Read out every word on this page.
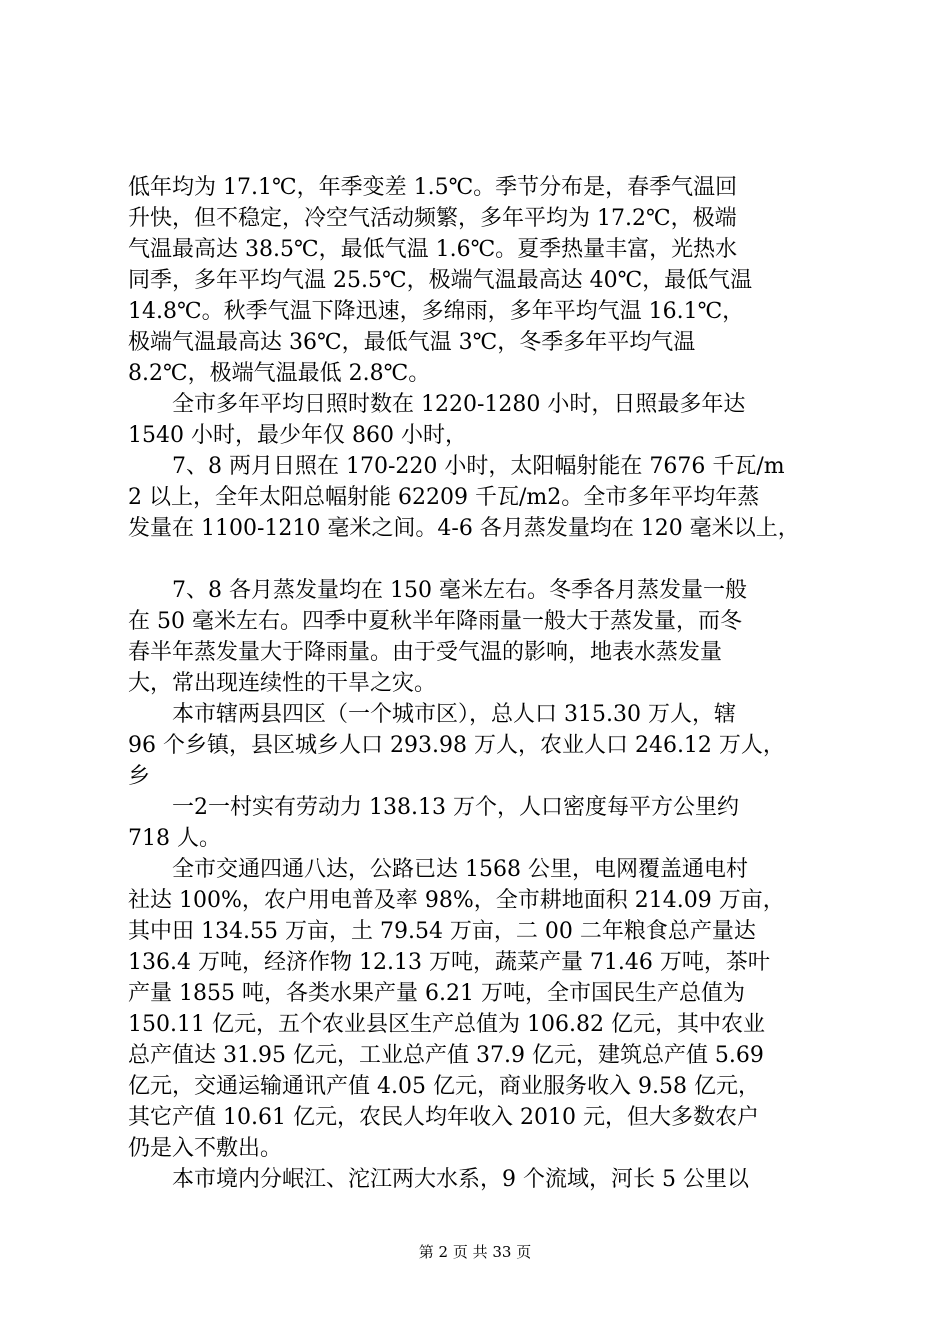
低年均为 17.1℃，年季变差 1.5℃。季节分布是，春季气温回
升快，但不稳定，冷空气活动频繁，多年平均为 17.2℃，极端
气温最高达 38.5℃，最低气温 1.6℃。夏季热量丰富，光热水
同季，多年平均气温 25.5℃，极端气温最高达 40℃，最低气温
14.8℃。秋季气温下降迅速，多绵雨，多年平均气温 16.1℃，
极端气温最高达 36℃，最低气温 3℃，冬季多年平均气温
8.2℃，极端气温最低 2.8℃。
　　全市多年平均日照时数在 1220-1280 小时，日照最多年达
1540 小时，最少年仅 860 小时，
　　7、8 两月日照在 170-220 小时，太阳幅射能在 7676 千瓦/m
2 以上，全年太阳总幅射能 62209 千瓦/m2。全市多年平均年蒸
发量在 1100-1210 毫米之间。4-6 各月蒸发量均在 120 毫米以上，
　　7、8 各月蒸发量均在 150 毫米左右。冬季各月蒸发量一般
在 50 毫米左右。四季中夏秋半年降雨量一般大于蒸发量，而冬
春半年蒸发量大于降雨量。由于受气温的影响，地表水蒸发量
大，常出现连续性的干旱之灾。
　　本市辖两县四区（一个城市区），总人口 315.30 万人，辖
96 个乡镇，县区城乡人口 293.98 万人，农业人口 246.12 万人，
乡
　　一2一村实有劳动力 138.13 万个，人口密度每平方公里约
718 人。
　　全市交通四通八达，公路已达 1568 公里，电网覆盖通电村
社达 100%，农户用电普及率 98%，全市耕地面积 214.09 万亩，
其中田 134.55 万亩，土 79.54 万亩，二 00 二年粮食总产量达
136.4 万吨，经济作物 12.13 万吨，蔬菜产量 71.46 万吨，茶叶
产量 1855 吨，各类水果产量 6.21 万吨，全市国民生产总值为
150.11 亿元，五个农业县区生产总值为 106.82 亿元，其中农业
总产值达 31.95 亿元，工业总产值 37.9 亿元，建筑总产值 5.69
亿元，交通运输通讯产值 4.05 亿元，商业服务收入 9.58 亿元，
其它产值 10.61 亿元，农民人均年收入 2010 元，但大多数农户
仍是入不敷出。
　　本市境内分岷江、沱江两大水系，9 个流域，河长 5 公里以
第 2 页 共 33 页
